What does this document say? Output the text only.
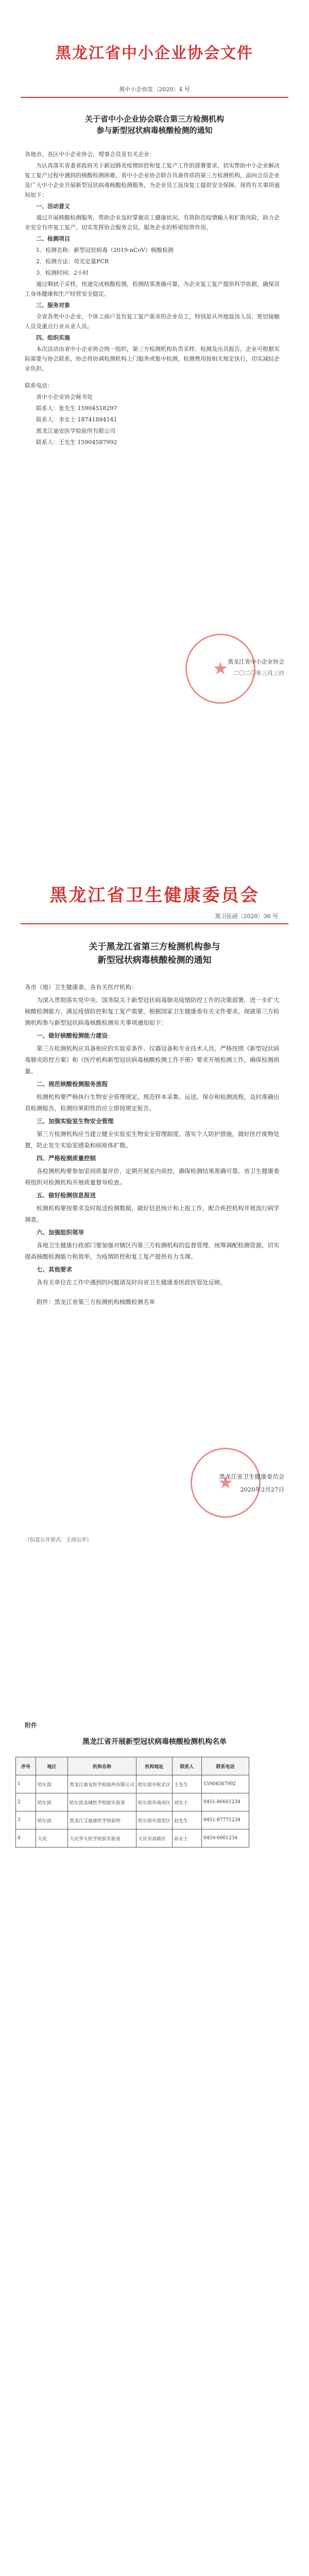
黑龙江省中小企业协会文件
黑中小企协发〔2020〕4 号
关于省中小企业协会联合第三方检测机构
参与新型冠状病毒核酸检测的通知

各地市、各区中小企业协会，理事会员及有关企业：

为认真落实省委省政府关于新冠肺炎疫情防控和复工复产工作的部署要求，切实帮助中小企业解决复工复产过程中遇到的核酸检测困难，省中小企业协会联合具备资质的第三方检测机构，面向会员企业及广大中小企业开展新型冠状病毒核酸检测服务，为企业员工返岗复工提供安全保障。现将有关事项通知如下：

一、活动意义

通过开展核酸检测服务，帮助企业及时掌握员工健康状况，有效防范疫情输入和扩散风险，助力企业安全有序复工复产，切实发挥协会服务会员、服务企业的桥梁纽带作用。

二、检测项目

1．检测名称：新型冠状病毒（2019-nCoV）核酸检测

2．检测方法：荧光定量PCR

3．检测时间：2小时

通过咽拭子采样，快速完成核酸检测，检测结果准确可靠，为企业复工复产提供科学依据，确保员工身体健康和生产经营安全稳定。

三、服务对象

全省各类中小企业、个体工商户及有复工复产需求的企业员工，特别是从外地返岗人员、密切接触人员及重点行业从业人员。

四、组织实施

本次活动由省中小企业协会统一组织，第三方检测机构负责采样、检测及出具报告。企业可根据实际需要与协会联系，协会将协调检测机构上门服务或集中检测，检测费用按相关规定执行，切实减轻企业负担。

联系电话：

省中小企业协会秘书处

联系人：张先生 15904518297

联系人：李女士 18741884141

黑龙江迪安医学检验所有限公司

联系人：王先生 15904587992

★

黑龙江省中小企业协会

二〇二〇年三月三日

黑龙江省卫生健康委员会
黑卫医函〔2020〕36 号
关于黑龙江省第三方检测机构参与
新型冠状病毒核酸检测的通知

各市（地）卫生健康委，各有关医疗机构：

为深入贯彻落实党中央、国务院关于新型冠状病毒肺炎疫情防控工作的决策部署，进一步扩大核酸检测能力，满足疫情防控和复工复产需要，根据国家卫生健康委有关文件要求，现就第三方检测机构参与新型冠状病毒核酸检测有关事项通知如下：

一、做好核酸检测能力建设

第三方检测机构应具备相应的实验室条件、仪器设备和专业技术人员，严格按照《新型冠状病毒肺炎防控方案》和《医疗机构新型冠状病毒核酸检测工作手册》要求开展检测工作，确保检测质量。

二、规范核酸检测服务流程

检测机构要严格执行生物安全管理规定，规范样本采集、运送、保存和检测流程，及时准确出具检测报告，检测结果阳性的应立即按规定报告。

三、加强实验室生物安全管理

第三方检测机构应当建立健全实验室生物安全管理制度，落实个人防护措施，做好医疗废物处置，防止发生实验室感染和病原体扩散。

四、严格检测质量控制

各检测机构要参加室间质量评价，定期开展室内质控，确保检测结果准确可靠。省卫生健康委将组织对检测机构开展质量督导检查。

五、做好检测信息报送

检测机构要按要求及时报送检测数据，做好信息统计和上报工作，配合疾控机构开展流行病学调查。

六、加强组织领导

各地卫生健康行政部门要加强对辖区内第三方检测机构的监督管理，统筹调配检测资源，切实提高核酸检测能力和效率，为疫情防控和复工复产提供有力支撑。

七、其他要求

各有关单位在工作中遇到的问题请及时向省卫生健康委医政医管处反映。

附件：黑龙江省第三方检测机构核酸检测名单

★

黑龙江省卫生健康委员会

2020年2月27日

（信息公开形式：主动公开）
附件
黑龙江省开展新型冠状病毒核酸检测机构名单
序号	地区	机构名称	机构地址	联系人	联系电话
1	哈尔滨	黑龙江迪安医学检验所有限公司	哈尔滨市松北区	王先生	15904587992
2	哈尔滨	哈尔滨金域医学检验实验室	哈尔滨市南岗区	刘女士	0451-86661234
3	哈尔滨	黑龙江艾迪康医学检验所	哈尔滨市道里区	赵先生	0451-87771234
4	大庆	大庆华大医学检验实验室	大庆市高新区	孙女士	0459-6001234
